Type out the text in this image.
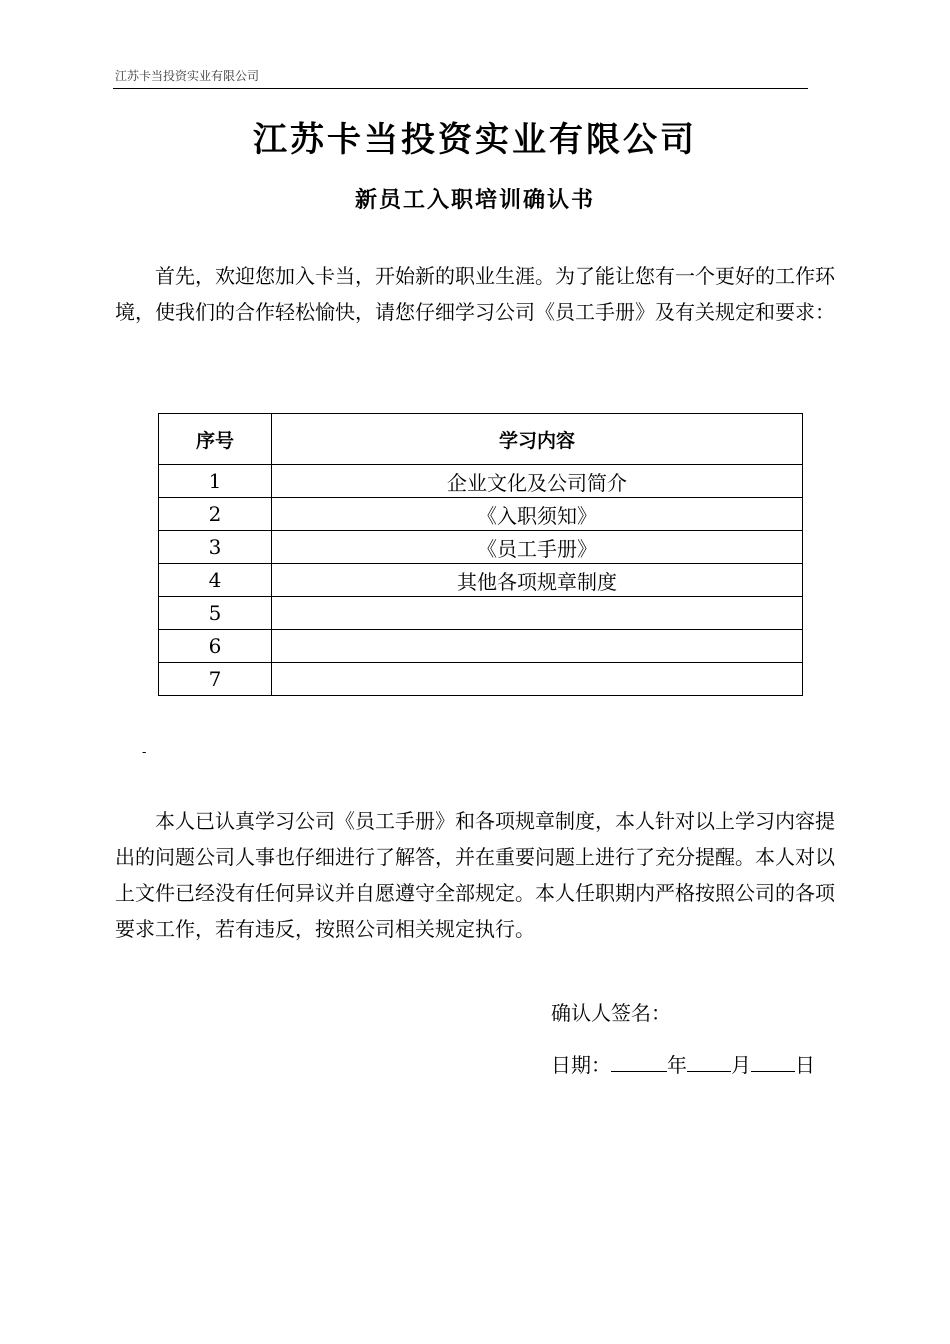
江苏卡当投资实业有限公司
江苏卡当投资实业有限公司
新员工入职培训确认书

首先，欢迎您加入卡当，开始新的职业生涯。为了能让您有一个更好的工作环境，使我们的合作轻松愉快，请您仔细学习公司《员工手册》及有关规定和要求：

序号	学习内容
1	企业文化及公司简介
2	《入职须知》
3	《员工手册》
4	其他各项规章制度
5	
6	
7	
-

本人已认真学习公司《员工手册》和各项规章制度，本人针对以上学习内容提出的问题公司人事也仔细进行了解答，并在重要问题上进行了充分提醒。本人对以上文件已经没有任何异议并自愿遵守全部规定。本人任职期内严格按照公司的各项要求工作，若有违反，按照公司相关规定执行。

确认人签名：
日期：	年 月 日
